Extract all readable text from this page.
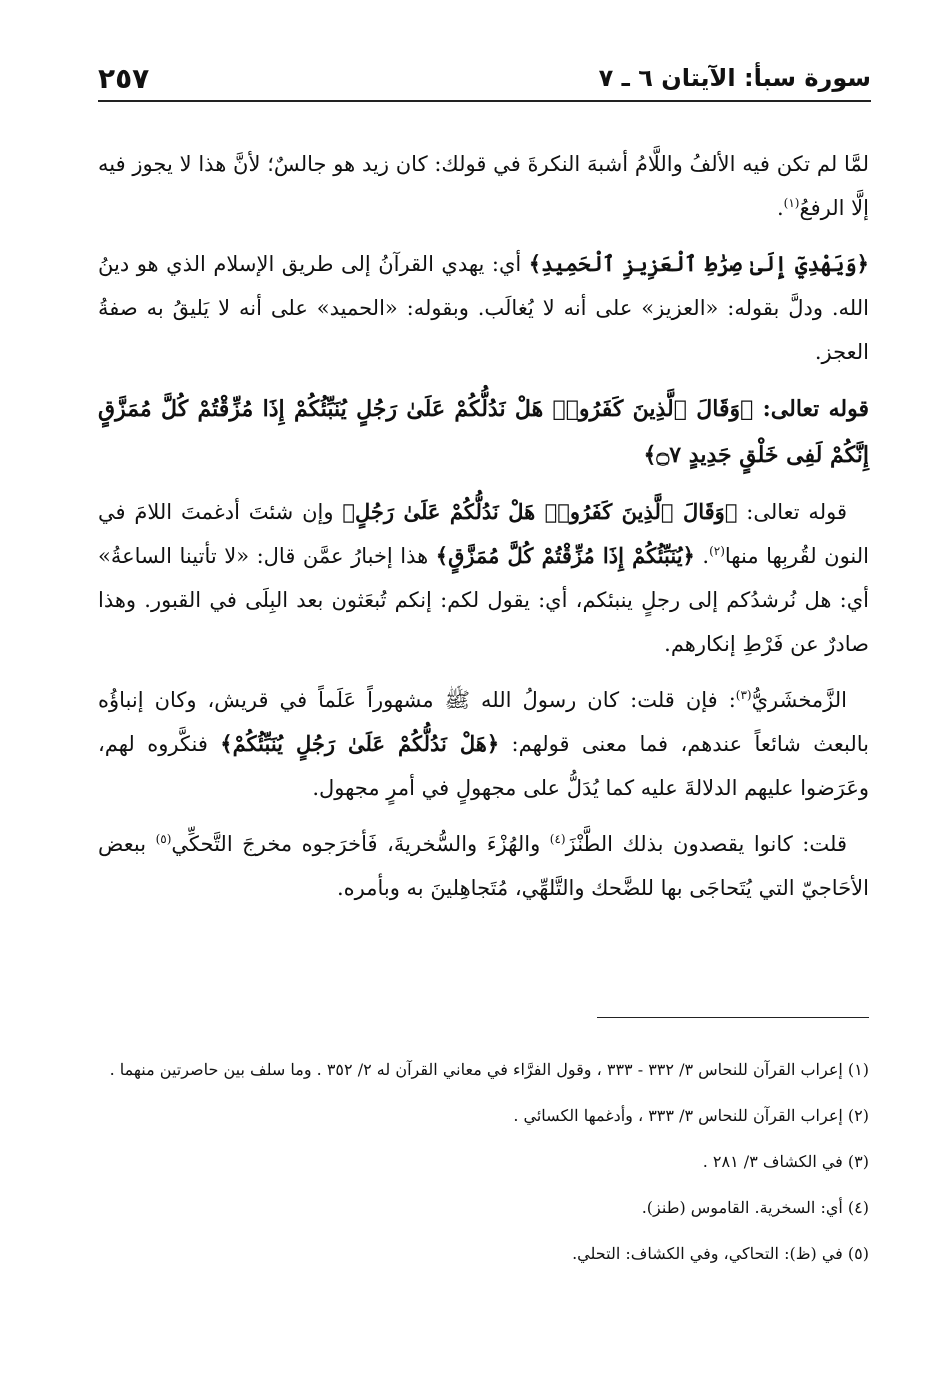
سورة سبأ: الآيتان ٦ ـ ٧
٢٥٧

لمَّا لم تكن فيه الألفُ واللَّامُ أشبهَ النكرةَ في قولك: كان زيد هو جالسٌ؛ لأنَّ هذا لا يجوز فيه إلَّا الرفعُ$^{(١)}$.

﴿وَيَهْدِيٓ إِلَىٰ صِرَٰطِ ٱلْعَزِيزِ ٱلْحَمِيدِ﴾ أي: يهدي القرآنُ إلى طريق الإسلام الذي هو دينُ الله. ودلَّ بقوله: «العزيز» على أنه لا يُغالَب. وبقوله: «الحميد» على أنه لا يَليقُ به صفةُ العجز.

قوله تعالى: ﴿وَقَالَ ٱلَّذِينَ كَفَرُوا۟ هَلْ نَدُلُّكُمْ عَلَىٰ رَجُلٍ يُنَبِّئُكُمْ إِذَا مُزِّقْتُمْ كُلَّ مُمَزَّقٍ إِنَّكُمْ لَفِى خَلْقٍ جَدِيدٍ ۝٧﴾

قوله تعالى: ﴿وَقَالَ ٱلَّذِينَ كَفَرُوا۟ هَلْ نَدُلُّكُمْ عَلَىٰ رَجُلٍ﴾ وإن شئتَ أدغمتَ اللامَ في النون لقُربِها منها$^{(٢)}$. ﴿يُنَبِّئُكُمْ إِذَا مُزِّقْتُمْ كُلَّ مُمَزَّقٍ﴾ هذا إخبارُ عمَّن قال: «لا تأتينا الساعةُ» أي: هل نُرشدُكم إلى رجلٍ ينبئكم، أي: يقول لكم: إنكم تُبعَثون بعد البِلَى في القبور. وهذا صادرٌ عن فَرْطِ إنكارهم.

الزَّمخشَريُّ$^{(٣)}$: فإن قلت: كان رسولُ الله ﷺ مشهوراً عَلَماً في قريش، وكان إنباؤُه بالبعث شائعاً عندهم، فما معنى قولهم: ﴿هَلْ نَدُلُّكُمْ عَلَىٰ رَجُلٍ يُنَبِّئُكُمْ﴾ فنكَّروه لهم، وعَرَضوا عليهم الدلالةَ عليه كما يُدَلُّ على مجهولٍ في أمرٍ مجهول.

قلت: كانوا يقصدون بذلك الطَّنْزَ$^{(٤)}$ والهُزْءَ والسُّخريةَ، فَأخرَجوه مخرجَ التَّحكِّي$^{(٥)}$ ببعض الأحَاجيّ التي يُتَحاجَى بها للضَّحك والتَّلهِّي، مُتَجاهِلينَ به وبأمره.

(١) إعراب القرآن للنحاس ٣/ ٣٣٢ - ٣٣٣ ، وقول الفرَّاء في معاني القرآن له ٢/ ٣٥٢ . وما سلف بين حاصرتين منهما .
(٢) إعراب القرآن للنحاس ٣/ ٣٣٣ ، وأدغمها الكسائي .
(٣) في الكشاف ٣/ ٢٨١ .
(٤) أي: السخرية. القاموس (طنز).
(٥) في (ظ): التحاكي، وفي الكشاف: التحلي.
